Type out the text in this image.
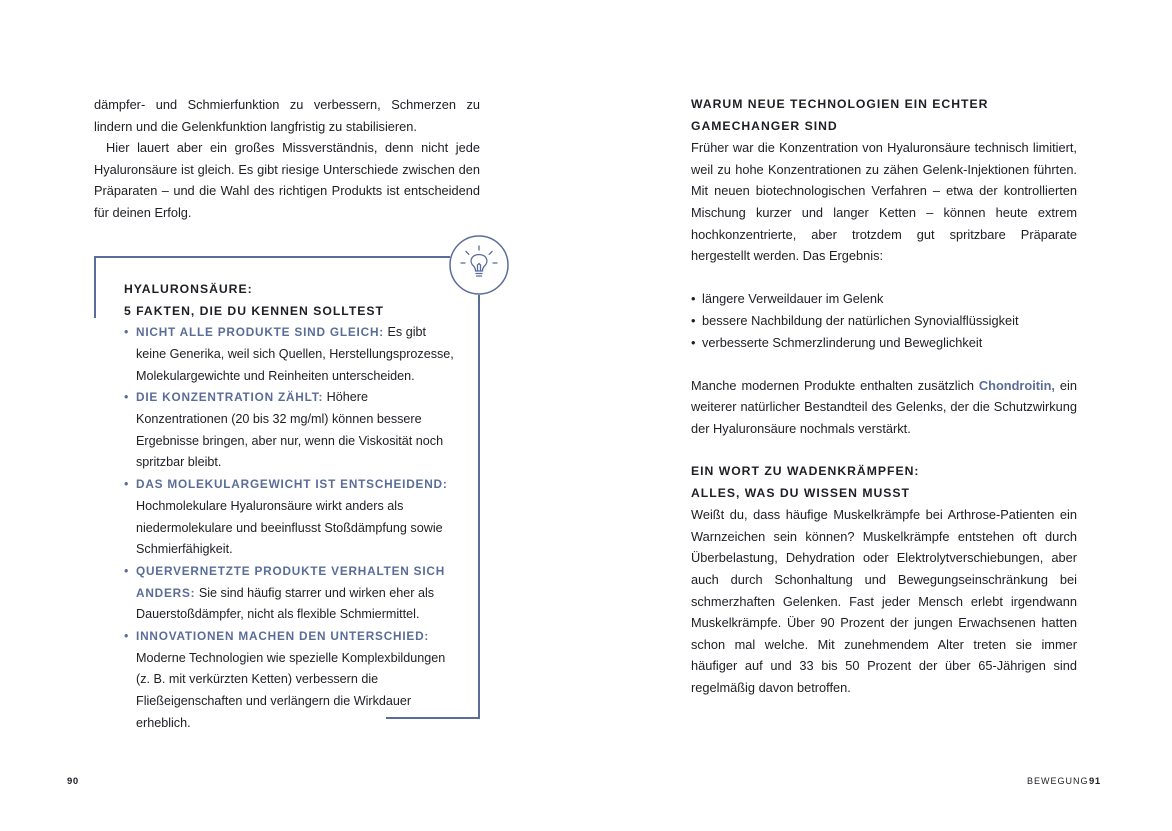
dämpfer- und Schmierfunktion zu verbessern, Schmerzen zu lindern und die Gelenkfunktion langfristig zu stabilisieren.

Hier lauert aber ein großes Missverständnis, denn nicht jede Hyaluronsäure ist gleich. Es gibt riesige Unterschiede zwischen den Präparaten – und die Wahl des richtigen Produkts ist entscheidend für deinen Erfolg.

HYALURONSÄURE:
5 FAKTEN, DIE DU KENNEN SOLLTEST
• NICHT ALLE PRODUKTE SIND GLEICH: Es gibt keine Generika, weil sich Quellen, Herstellungsprozesse, Molekulargewichte und Reinheiten unterscheiden.
• DIE KONZENTRATION ZÄHLT: Höhere Konzentrationen (20 bis 32 mg/ml) können bessere Ergebnisse bringen, aber nur, wenn die Viskosität noch spritzbar bleibt.
• DAS MOLEKULARGEWICHT IST ENTSCHEIDEND: Hochmolekulare Hyaluronsäure wirkt anders als niedermolekulare und beeinflusst Stoßdämpfung sowie Schmierfähigkeit.
• QUERVERNETZTE PRODUKTE VERHALTEN SICH ANDERS: Sie sind häufig starrer und wirken eher als Dauerstoßdämpfer, nicht als flexible Schmiermittel.
• INNOVATIONEN MACHEN DEN UNTERSCHIED: Moderne Technologien wie spezielle Komplexbildungen (z. B. mit verkürzten Ketten) verbessern die Fließeigenschaften und verlängern die Wirkdauer erheblich.
WARUM NEUE TECHNOLOGIEN EIN ECHTER
GAMECHANGER SIND

Früher war die Konzentration von Hyaluronsäure technisch limitiert, weil zu hohe Konzentrationen zu zähen Gelenk-Injektionen führten. Mit neuen biotechnologischen Verfahren – etwa der kontrollierten Mischung kurzer und langer Ketten – können heute extrem hochkonzentrierte, aber trotzdem gut spritzbare Präparate hergestellt werden. Das Ergebnis:

• längere Verweildauer im Gelenk
• bessere Nachbildung der natürlichen Synovialflüssigkeit
• verbesserte Schmerzlinderung und Beweglichkeit

Manche modernen Produkte enthalten zusätzlich Chondroitin, ein weiterer natürlicher Bestandteil des Gelenks, der die Schutzwirkung der Hyaluronsäure nochmals verstärkt.

EIN WORT ZU WADENKRÄMPFEN:
ALLES, WAS DU WISSEN MUSST

Weißt du, dass häufige Muskelkrämpfe bei Arthrose-Patienten ein Warnzeichen sein können? Muskelkrämpfe entstehen oft durch Überbelastung, Dehydration oder Elektrolytverschiebungen, aber auch durch Schonhaltung und Bewegungseinschränkung bei schmerzhaften Gelenken. Fast jeder Mensch erlebt irgendwann Muskelkrämpfe. Über 90 Prozent der jungen Erwachsenen hatten schon mal welche. Mit zunehmendem Alter treten sie immer häufiger auf und 33 bis 50 Prozent der über 65-Jährigen sind regelmäßig davon betroffen.

90	BEWEGUNG 91
